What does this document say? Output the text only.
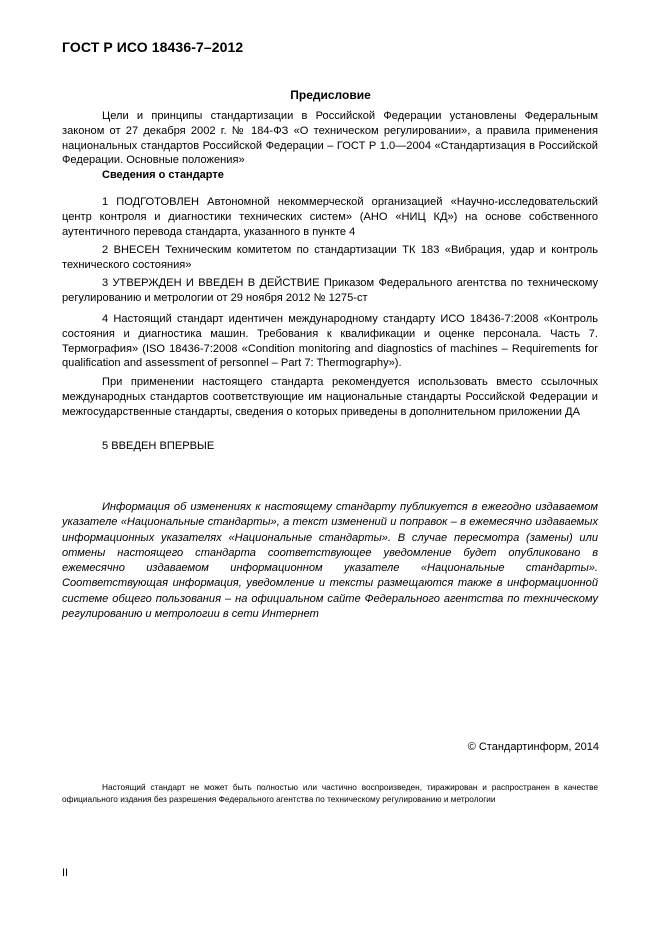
ГОСТ Р ИСО 18436-7–2012
Предисловие
Цели и принципы стандартизации в Российской Федерации установлены Федеральным законом от 27 декабря 2002 г. № 184-ФЗ «О техническом регулировании», а правила применения национальных стандартов Российской Федерации – ГОСТ Р 1.0—2004 «Стандартизация в Российской Федерации. Основные положения»
Сведения о стандарте
1 ПОДГОТОВЛЕН Автономной некоммерческой организацией «Научно-исследовательский центр контроля и диагностики технических систем» (АНО «НИЦ КД») на основе собственного аутентичного перевода стандарта, указанного в пункте 4
2 ВНЕСЕН Техническим комитетом по стандартизации ТК 183 «Вибрация, удар и контроль технического состояния»
3 УТВЕРЖДЕН И ВВЕДЕН В ДЕЙСТВИЕ Приказом Федерального агентства по техническому регулированию и метрологии от 29 ноября 2012 № 1275-ст
4 Настоящий стандарт идентичен международному стандарту ИСО 18436-7:2008 «Контроль состояния и диагностика машин. Требования к квалификации и оценке персонала. Часть 7. Термография» (ISO 18436-7:2008 «Condition monitoring and diagnostics of machines – Requirements for qualification and assessment of personnel – Part 7: Thermography»).
При применении настоящего стандарта рекомендуется использовать вместо ссылочных международных стандартов соответствующие им национальные стандарты Российской Федерации и межгосударственные стандарты, сведения о которых приведены в дополнительном приложении ДА
5 ВВЕДЕН ВПЕРВЫЕ
Информация об изменениях к настоящему стандарту публикуется в ежегодно издаваемом указателе «Национальные стандарты», а текст изменений и поправок – в ежемесячно издаваемых информационных указателях «Национальные стандарты». В случае пересмотра (замены) или отмены настоящего стандарта соответствующее уведомление будет опубликовано в ежемесячно издаваемом информационном указателе «Национальные стандарты». Соответствующая информация, уведомление и тексты размещаются также в информационной системе общего пользования – на официальном сайте Федерального агентства по техническому регулированию и метрологии в сети Интернет
© Стандартинформ, 2014
Настоящий стандарт не может быть полностью или частично воспроизведен, тиражирован и распространен в качестве официального издания без разрешения Федерального агентства по техническому регулированию и метрологии
II
